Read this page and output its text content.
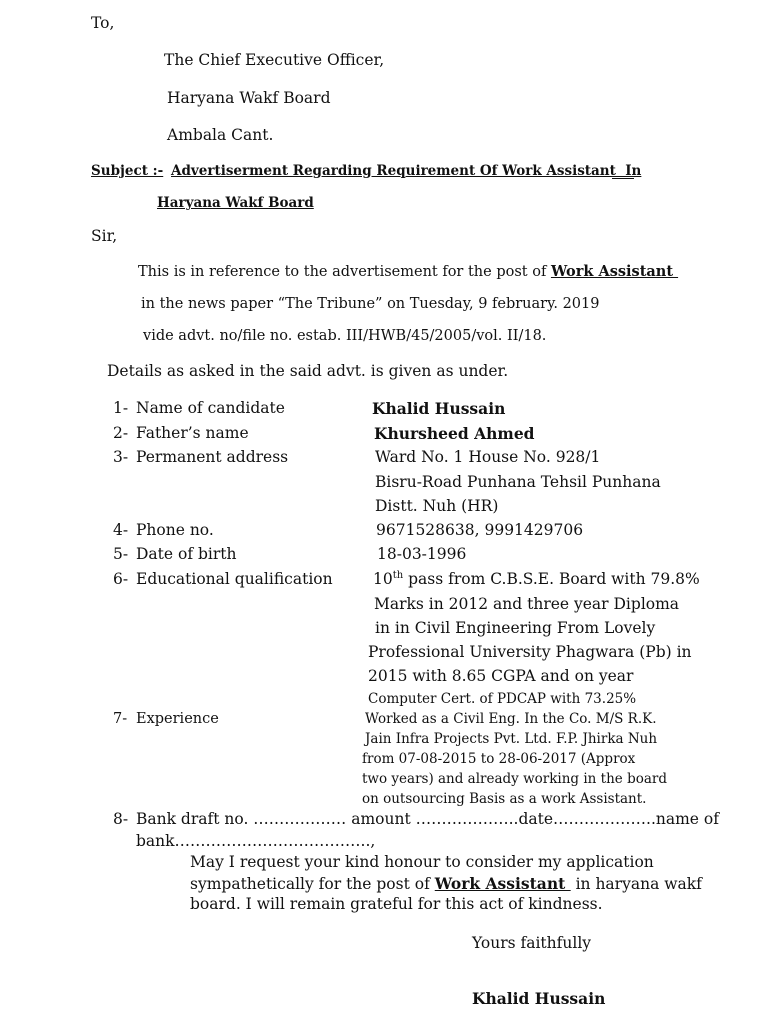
To,
The Chief Executive Officer,
Haryana Wakf Board
Ambala Cant.
Subject :- Advertiserment Regarding Requirement Of Work Assistant  In
Haryana Wakf Board
Sir,
This is in reference to the advertisement for the post of Work Assistant
in the news paper “The Tribune” on Tuesday, 9 february. 2019
vide advt. no/file no. estab. III/HWB/45/2005/vol. II/18.
Details as asked in the said advt. is given as under.
1- Name of candidate	Khalid Hussain
2- Father’s name	Khursheed Ahmed
3- Permanent address	Ward No. 1 House No. 928/1
Bisru-Road Punhana Tehsil Punhana
Distt. Nuh (HR)
4- Phone no.	9671528638, 9991429706
5- Date of birth	18-03-1996
6- Educational qualification	10th pass from C.B.S.E. Board with 79.8%
Marks in 2012 and three year Diploma
in in Civil Engineering From Lovely
Professional University Phagwara (Pb) in
2015 with 8.65 CGPA and on year
Computer Cert. of PDCAP with 73.25%
7- Experience	Worked as a Civil Eng. In the Co. M/S R.K.
Jain Infra Projects Pvt. Ltd. F.P. Jhirka Nuh
from 07-08-2015 to 28-06-2017 (Approx
two years) and already working in the board
on outsourcing Basis as a work Assistant.
8- Bank draft no. ……………… amount ………………..date………………..name of
bank………………………………..,
May I request your kind honour to consider my application
sympathetically for the post of Work Assistant  in haryana wakf
board. I will remain grateful for this act of kindness.
Yours faithfully
Khalid Hussain
